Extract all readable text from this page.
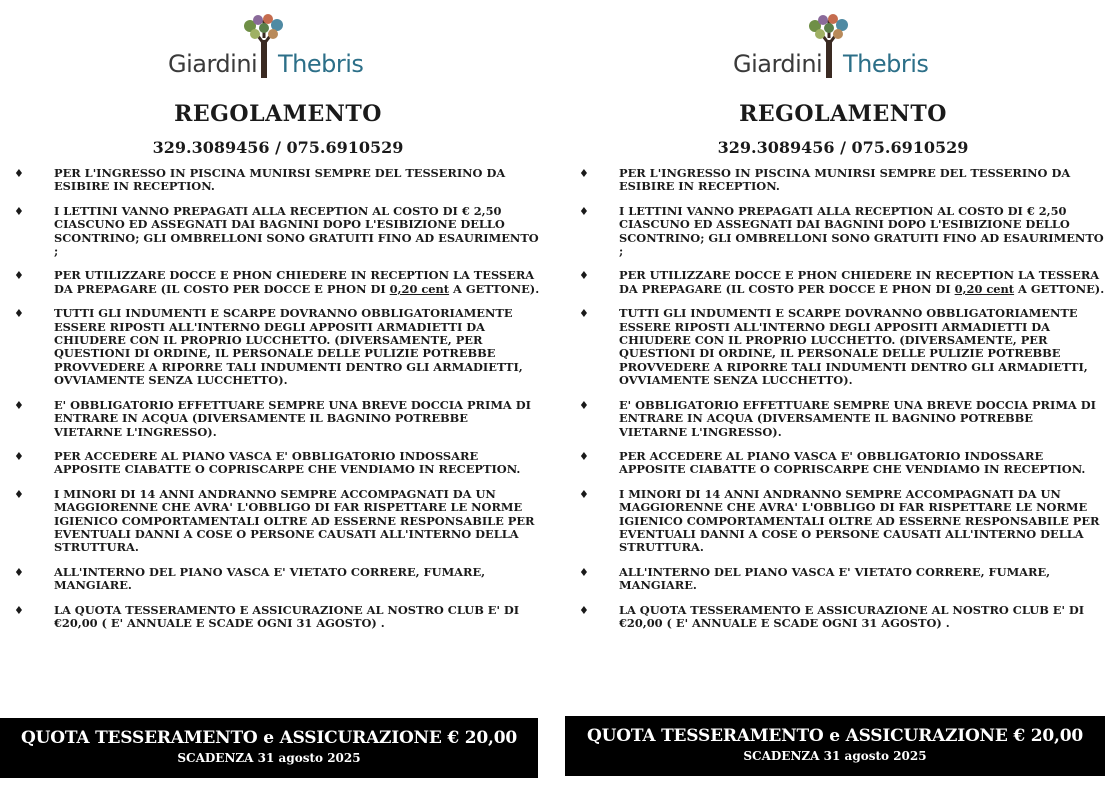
Giardini Thebris
REGOLAMENTO
329.3089456 / 075.6910529
♦	PER L'INGRESSO IN PISCINA MUNIRSI SEMPRE DEL TESSERINO DA ESIBIRE IN RECEPTION.
♦	I LETTINI VANNO PREPAGATI ALLA RECEPTION AL COSTO DI € 2,50 CIASCUNO ED ASSEGNATI DAI BAGNINI DOPO L'ESIBIZIONE DELLO SCONTRINO; GLI OMBRELLONI SONO GRATUITI FINO AD ESAURIMENTO ;
♦	PER UTILIZZARE DOCCE E PHON CHIEDERE IN RECEPTION LA TESSERA DA PREPAGARE (IL COSTO PER DOCCE E PHON DI 0,20 cent A GETTONE).
♦	TUTTI GLI INDUMENTI E SCARPE DOVRANNO OBBLIGATORIAMENTE ESSERE RIPOSTI ALL'INTERNO DEGLI APPOSITI ARMADIETTI DA CHIUDERE CON IL PROPRIO LUCCHETTO. (DIVERSAMENTE, PER QUESTIONI DI ORDINE, IL PERSONALE DELLE PULIZIE POTREBBE PROVVEDERE A RIPORRE TALI INDUMENTI DENTRO GLI ARMADIETTI, OVVIAMENTE SENZA LUCCHETTO).
♦	E' OBBLIGATORIO EFFETTUARE SEMPRE UNA BREVE DOCCIA PRIMA DI ENTRARE IN ACQUA (DIVERSAMENTE IL BAGNINO POTREBBE VIETARNE L'INGRESSO).
♦	PER ACCEDERE AL PIANO VASCA E' OBBLIGATORIO INDOSSARE APPOSITE CIABATTE O COPRISCARPE CHE VENDIAMO IN RECEPTION.
♦	I MINORI DI 14 ANNI ANDRANNO SEMPRE ACCOMPAGNATI DA UN MAGGIORENNE CHE AVRA' L'OBBLIGO DI FAR RISPETTARE LE NORME IGIENICO COMPORTAMENTALI OLTRE AD ESSERNE RESPONSABILE PER EVENTUALI DANNI A COSE O PERSONE CAUSATI ALL'INTERNO DELLA STRUTTURA.
♦	ALL'INTERNO DEL PIANO VASCA E' VIETATO CORRERE, FUMARE, MANGIARE.
♦	LA QUOTA TESSERAMENTO E ASSICURAZIONE AL NOSTRO CLUB E' DI €20,00 ( E' ANNUALE E SCADE OGNI 31 AGOSTO) .
QUOTA TESSERAMENTO e ASSICURAZIONE € 20,00
SCADENZA 31 agosto 2025
Giardini Thebris
REGOLAMENTO
329.3089456 / 075.6910529
♦	PER L'INGRESSO IN PISCINA MUNIRSI SEMPRE DEL TESSERINO DA ESIBIRE IN RECEPTION.
♦	I LETTINI VANNO PREPAGATI ALLA RECEPTION AL COSTO DI € 2,50 CIASCUNO ED ASSEGNATI DAI BAGNINI DOPO L'ESIBIZIONE DELLO SCONTRINO; GLI OMBRELLONI SONO GRATUITI FINO AD ESAURIMENTO ;
♦	PER UTILIZZARE DOCCE E PHON CHIEDERE IN RECEPTION LA TESSERA DA PREPAGARE (IL COSTO PER DOCCE E PHON DI 0,20 cent A GETTONE).
♦	TUTTI GLI INDUMENTI E SCARPE DOVRANNO OBBLIGATORIAMENTE ESSERE RIPOSTI ALL'INTERNO DEGLI APPOSITI ARMADIETTI DA CHIUDERE CON IL PROPRIO LUCCHETTO. (DIVERSAMENTE, PER QUESTIONI DI ORDINE, IL PERSONALE DELLE PULIZIE POTREBBE PROVVEDERE A RIPORRE TALI INDUMENTI DENTRO GLI ARMADIETTI, OVVIAMENTE SENZA LUCCHETTO).
♦	E' OBBLIGATORIO EFFETTUARE SEMPRE UNA BREVE DOCCIA PRIMA DI ENTRARE IN ACQUA (DIVERSAMENTE IL BAGNINO POTREBBE VIETARNE L'INGRESSO).
♦	PER ACCEDERE AL PIANO VASCA E' OBBLIGATORIO INDOSSARE APPOSITE CIABATTE O COPRISCARPE CHE VENDIAMO IN RECEPTION.
♦	I MINORI DI 14 ANNI ANDRANNO SEMPRE ACCOMPAGNATI DA UN MAGGIORENNE CHE AVRA' L'OBBLIGO DI FAR RISPETTARE LE NORME IGIENICO COMPORTAMENTALI OLTRE AD ESSERNE RESPONSABILE PER EVENTUALI DANNI A COSE O PERSONE CAUSATI ALL'INTERNO DELLA STRUTTURA.
♦	ALL'INTERNO DEL PIANO VASCA E' VIETATO CORRERE, FUMARE, MANGIARE.
♦	LA QUOTA TESSERAMENTO E ASSICURAZIONE AL NOSTRO CLUB E' DI €20,00 ( E' ANNUALE E SCADE OGNI 31 AGOSTO) .
QUOTA TESSERAMENTO e ASSICURAZIONE € 20,00
SCADENZA 31 agosto 2025
